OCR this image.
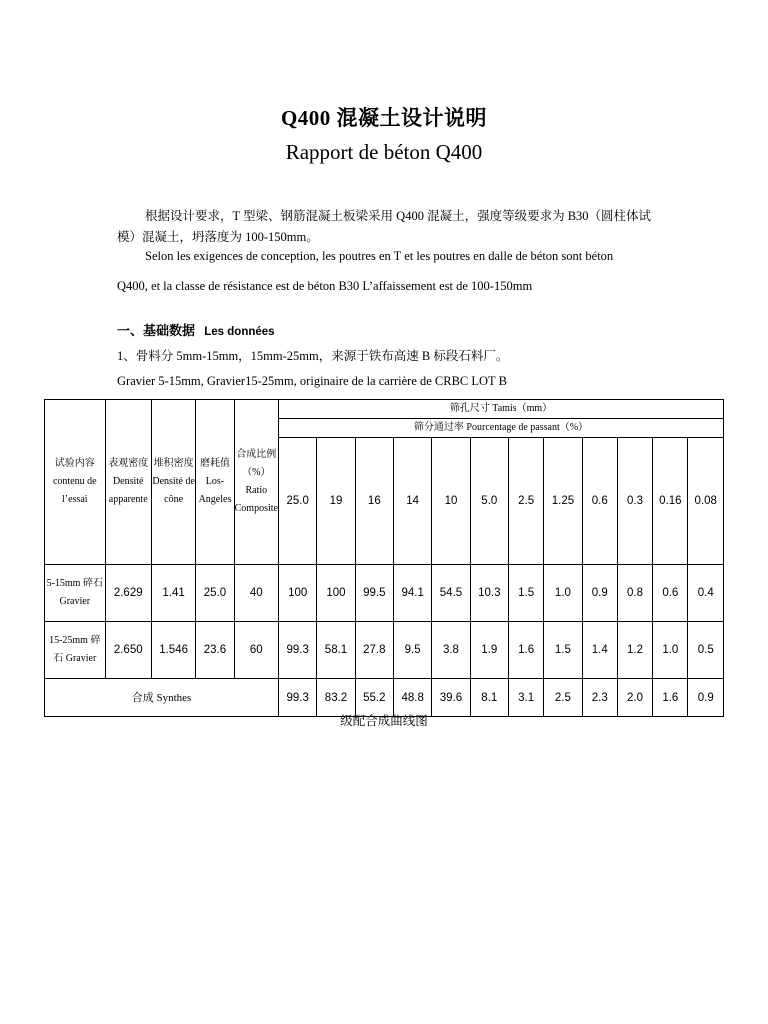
Q400 混凝土设计说明
Rapport de béton Q400
根据设计要求，T 型梁、钢筋混凝土板梁采用 Q400 混凝土，强度等级要求为 B30（圆柱体试模）混凝土，坍落度为 100-150mm。
Selon les exigences de conception, les poutres en T et les poutres en dalle de béton sont béton
Q400, et la classe de résistance est de béton B30 L’affaissement est de 100-150mm
一、基础数据 Les données
1、骨料分 5mm-15mm，15mm-25mm，来源于铁布高速 B 标段石料厂。
Gravier 5-15mm, Gravier15-25mm, originaire de la carrière de CRBC LOT B
试验内容 contenu de l’essai	表观密度 Densité apparente	堆积密度 Densité de cône	磨耗值 Los-Angeles	合成比例（%）Ratio Composite	筛孔尺寸 Tamis（mm）											
					筛分通过率 Pourcentage de passant（%）											
					25.0	19	16	14	10	5.0	2.5	1.25	0.6	0.3	0.16	0.08
5-15mm 碎石 Gravier	2.629	1.41	25.0	40	100	100	99.5	94.1	54.5	10.3	1.5	1.0	0.9	0.8	0.6	0.4
15-25mm 碎石 Gravier	2.650	1.546	23.6	60	99.3	58.1	27.8	9.5	3.8	1.9	1.6	1.5	1.4	1.2	1.0	0.5
合成 Synthes					99.3	83.2	55.2	48.8	39.6	8.1	3.1	2.5	2.3	2.0	1.6	0.9
级配合成曲线图
